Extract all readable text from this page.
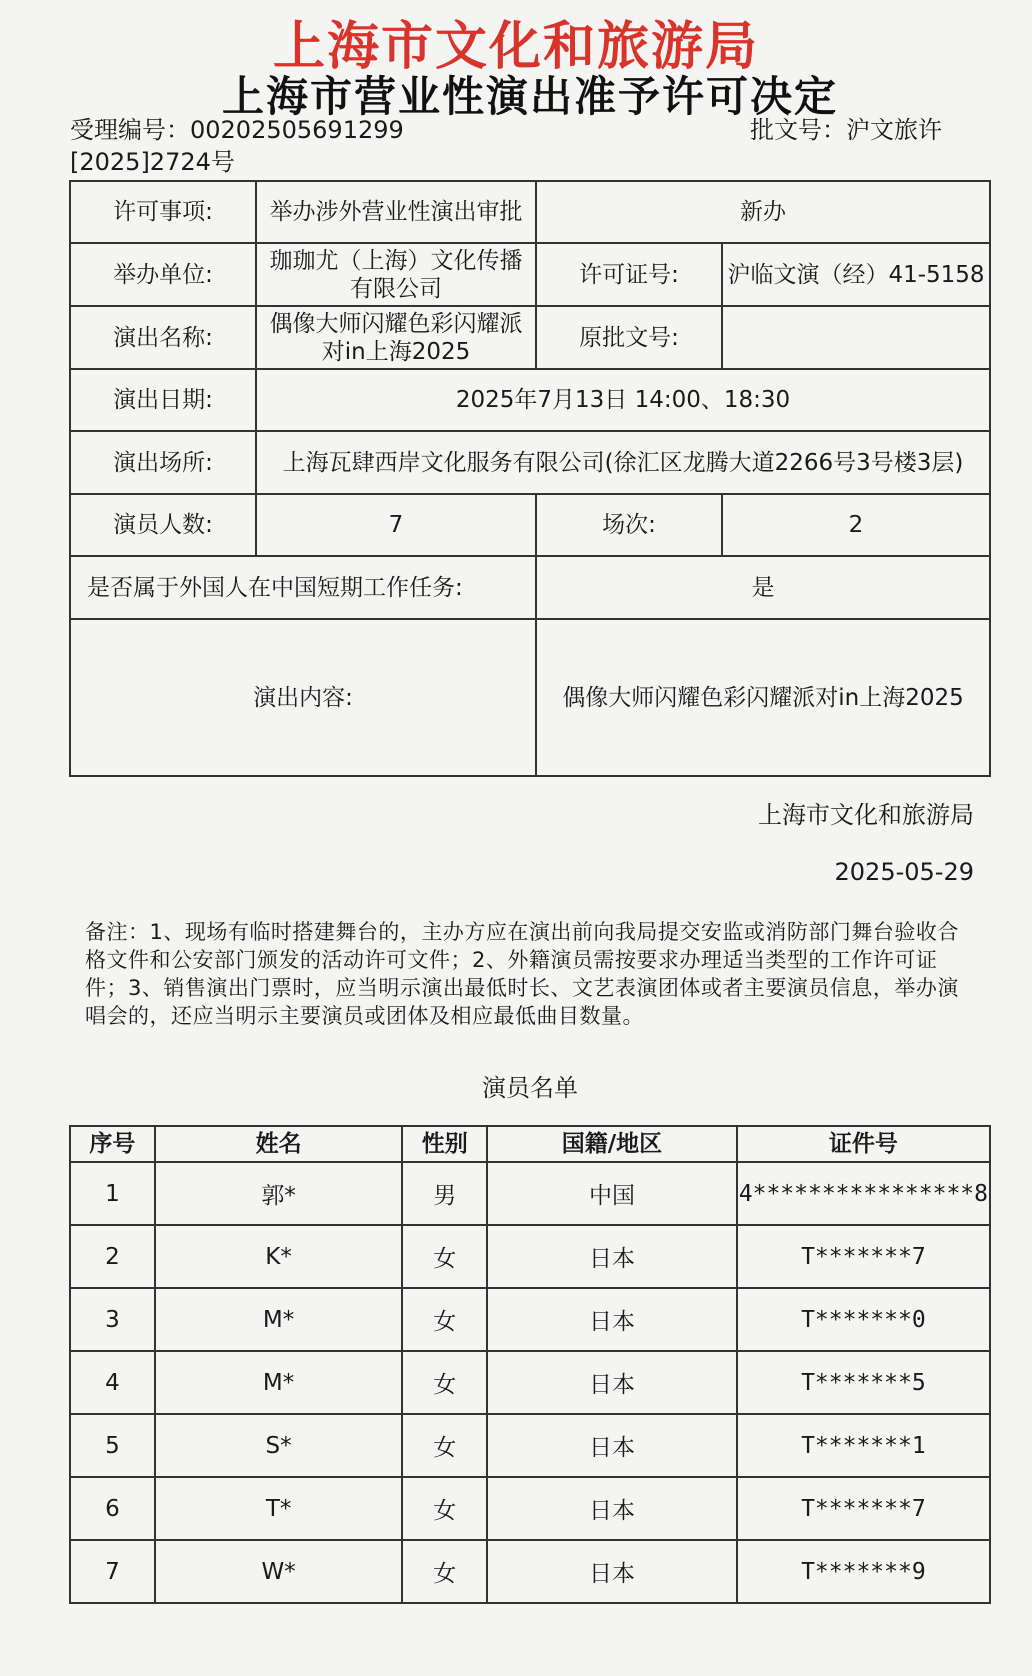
上海市文化和旅游局
上海市营业性演出准予许可决定
受理编号：00202505691299
[2025]2724号
批文号：沪文旅许
许可事项:	举办涉外营业性演出审批	新办	
举办单位:	珈珈尤（上海）文化传播有限公司	许可证号:	沪临文演（经）41-5158
演出名称:	偶像大师闪耀色彩闪耀派对in上海2025	原批文号:	
演出日期:	2025年7月13日 14:00、18:30		
演出场所:	上海瓦肆西岸文化服务有限公司(徐汇区龙腾大道2266号3号楼3层)		
演员人数:	7	场次:	2
是否属于外国人在中国短期工作任务:		是	
演出内容:		偶像大师闪耀色彩闪耀派对in上海2025	
上海市文化和旅游局
2025-05-29
备注：1、现场有临时搭建舞台的，主办方应在演出前向我局提交安监或消防部门舞台验收合格文件和公安部门颁发的活动许可文件；2、外籍演员需按要求办理适当类型的工作许可证件；3、销售演出门票时，应当明示演出最低时长、文艺表演团体或者主要演员信息，举办演唱会的，还应当明示主要演员或团体及相应最低曲目数量。
演员名单
序号	姓名	性别	国籍/地区	证件号
1	郭*	男	中国	4****************8
2	K*	女	日本	T*******7
3	M*	女	日本	T*******0
4	M*	女	日本	T*******5
5	S*	女	日本	T*******1
6	T*	女	日本	T*******7
7	W*	女	日本	T*******9
